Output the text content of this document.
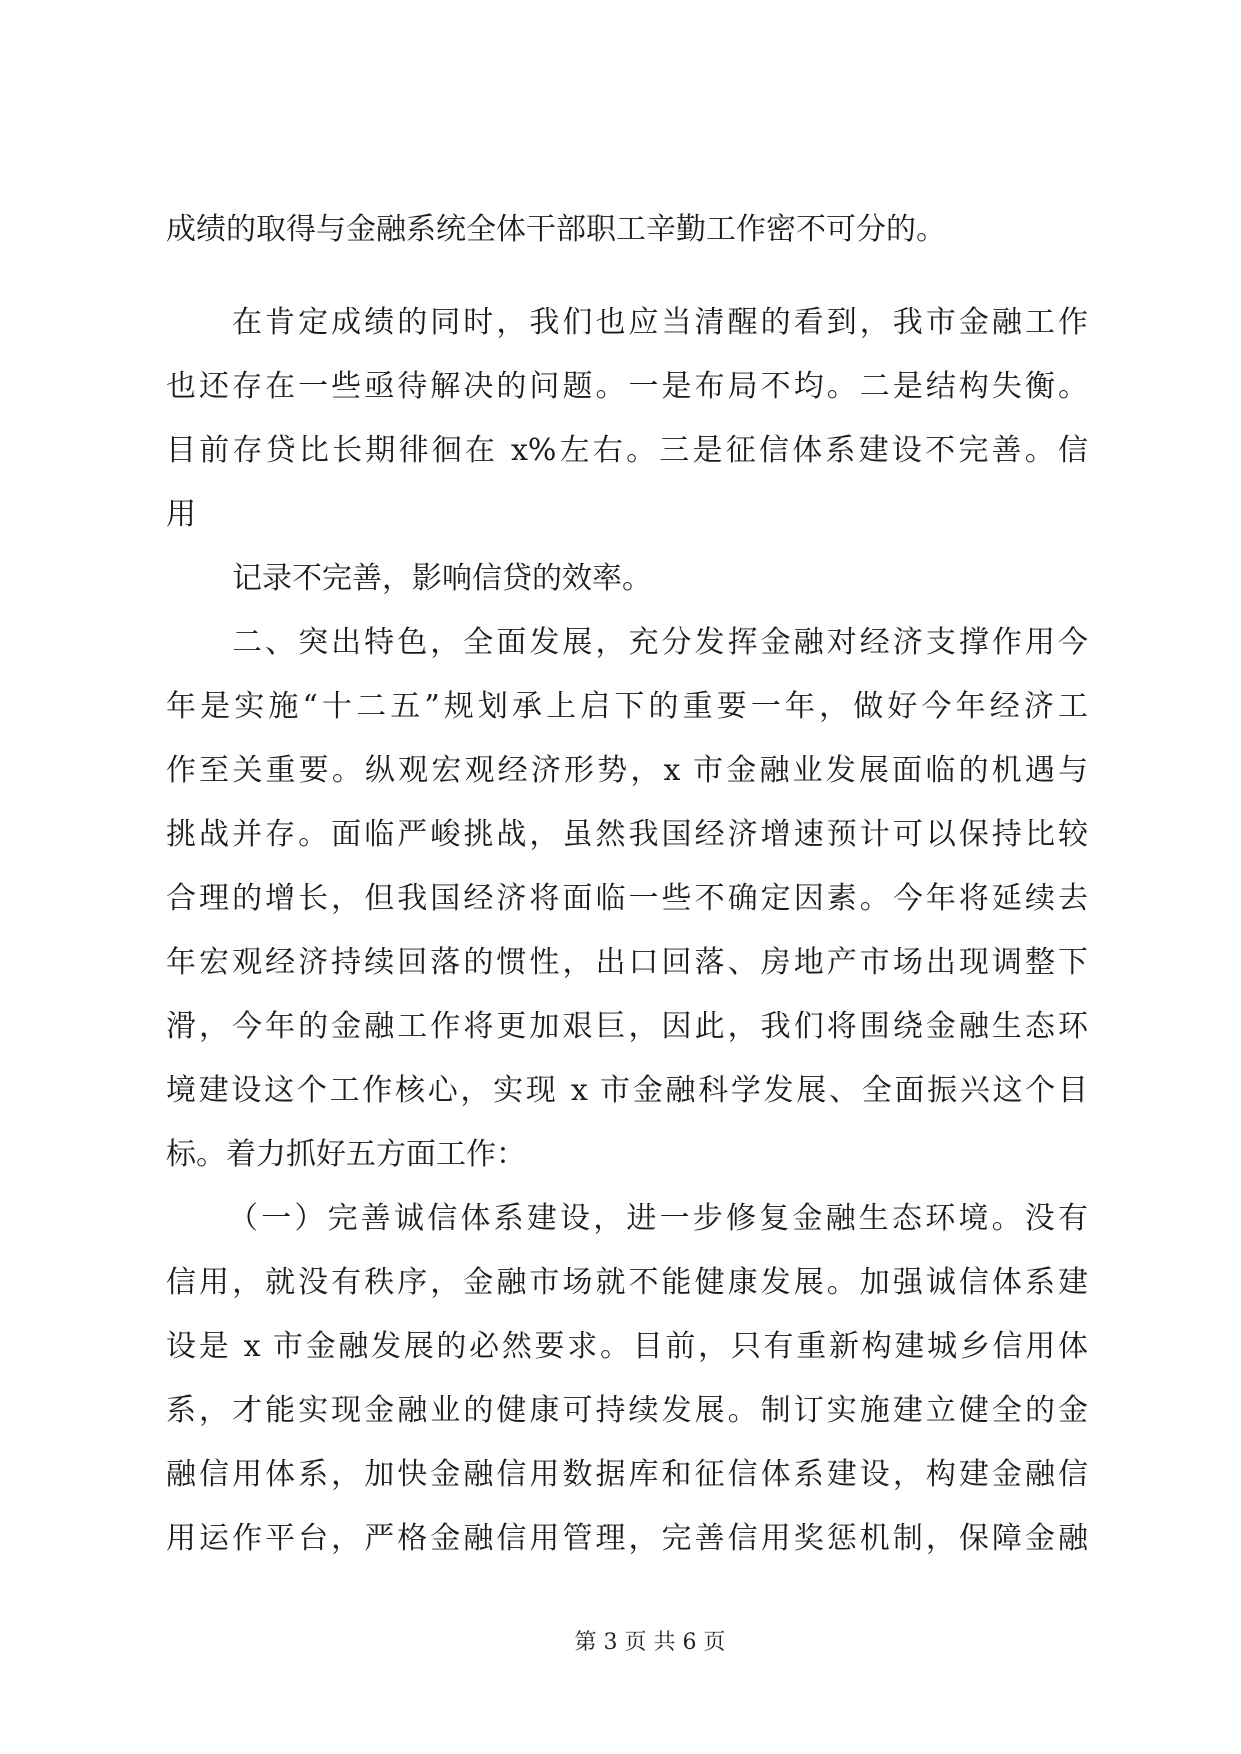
成绩的取得与金融系统全体干部职工辛勤工作密不可分的。
在肯定成绩的同时，我们也应当清醒的看到，我市金融工作
也还存在一些亟待解决的问题。一是布局不均。二是结构失衡。
目前存贷比长期徘徊在 x%左右。三是征信体系建设不完善。信
用
记录不完善，影响信贷的效率。
二、突出特色，全面发展，充分发挥金融对经济支撑作用今
年是实施“十二五”规划承上启下的重要一年，做好今年经济工
作至关重要。纵观宏观经济形势，x 市金融业发展面临的机遇与
挑战并存。面临严峻挑战，虽然我国经济增速预计可以保持比较
合理的增长，但我国经济将面临一些不确定因素。今年将延续去
年宏观经济持续回落的惯性，出口回落、房地产市场出现调整下
滑，今年的金融工作将更加艰巨，因此，我们将围绕金融生态环
境建设这个工作核心，实现 x 市金融科学发展、全面振兴这个目
标。着力抓好五方面工作：
（一）完善诚信体系建设，进一步修复金融生态环境。没有
信用，就没有秩序，金融市场就不能健康发展。加强诚信体系建
设是 x 市金融发展的必然要求。目前，只有重新构建城乡信用体
系，才能实现金融业的健康可持续发展。制订实施建立健全的金
融信用体系，加快金融信用数据库和征信体系建设，构建金融信
用运作平台，严格金融信用管理，完善信用奖惩机制，保障金融
第 3 页 共 6 页
